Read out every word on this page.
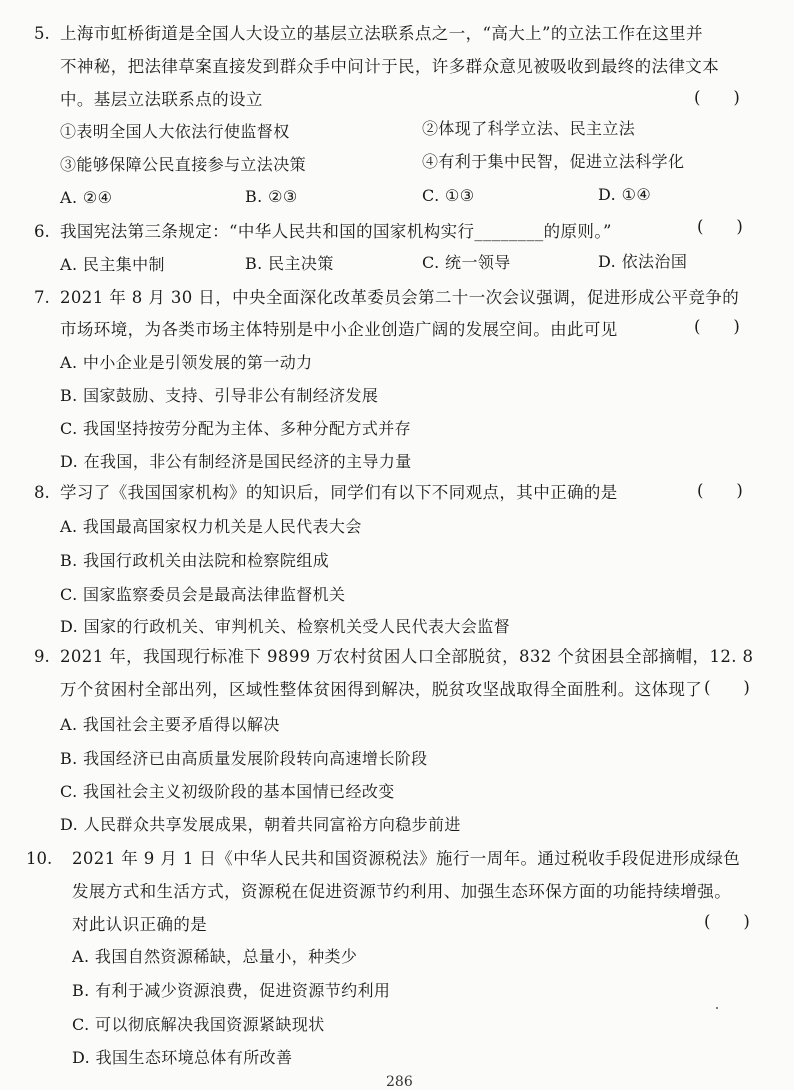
5. 上海市虹桥街道是全国人大设立的基层立法联系点之一，“高大上”的立法工作在这里并
不神秘，把法律草案直接发到群众手中问计于民，许多群众意见被吸收到最终的法律文本
中。基层立法联系点的设立	(　　)
①表明全国人大依法行使监督权	②体现了科学立法、民主立法
③能够保障公民直接参与立法决策	④有利于集中民智，促进立法科学化
A. ②④	B. ②③	C. ①③	D. ①④
6. 我国宪法第三条规定：“中华人民共和国的国家机构实行________的原则。”	(　　)
A. 民主集中制	B. 民主决策	C. 统一领导	D. 依法治国
7. 2021 年 8 月 30 日，中央全面深化改革委员会第二十一次会议强调，促进形成公平竞争的
市场环境，为各类市场主体特别是中小企业创造广阔的发展空间。由此可见	(　　)
A. 中小企业是引领发展的第一动力
B. 国家鼓励、支持、引导非公有制经济发展
C. 我国坚持按劳分配为主体、多种分配方式并存
D. 在我国，非公有制经济是国民经济的主导力量
8. 学习了《我国国家机构》的知识后，同学们有以下不同观点，其中正确的是	(　　)
A. 我国最高国家权力机关是人民代表大会
B. 我国行政机关由法院和检察院组成
C. 国家监察委员会是最高法律监督机关
D. 国家的行政机关、审判机关、检察机关受人民代表大会监督
9. 2021 年，我国现行标准下 9899 万农村贫困人口全部脱贫，832 个贫困县全部摘帽，12. 8
万个贫困村全部出列，区域性整体贫困得到解决，脱贫攻坚战取得全面胜利。这体现了 (　　)
A. 我国社会主要矛盾得以解决
B. 我国经济已由高质量发展阶段转向高速增长阶段
C. 我国社会主义初级阶段的基本国情已经改变
D. 人民群众共享发展成果，朝着共同富裕方向稳步前进
10. 2021 年 9 月 1 日《中华人民共和国资源税法》施行一周年。通过税收手段促进形成绿色
发展方式和生活方式，资源税在促进资源节约利用、加强生态环保方面的功能持续增强。
对此认识正确的是	(　　)
A. 我国自然资源稀缺，总量小，种类少
B. 有利于减少资源浪费，促进资源节约利用
C. 可以彻底解决我国资源紧缺现状
D. 我国生态环境总体有所改善
286
